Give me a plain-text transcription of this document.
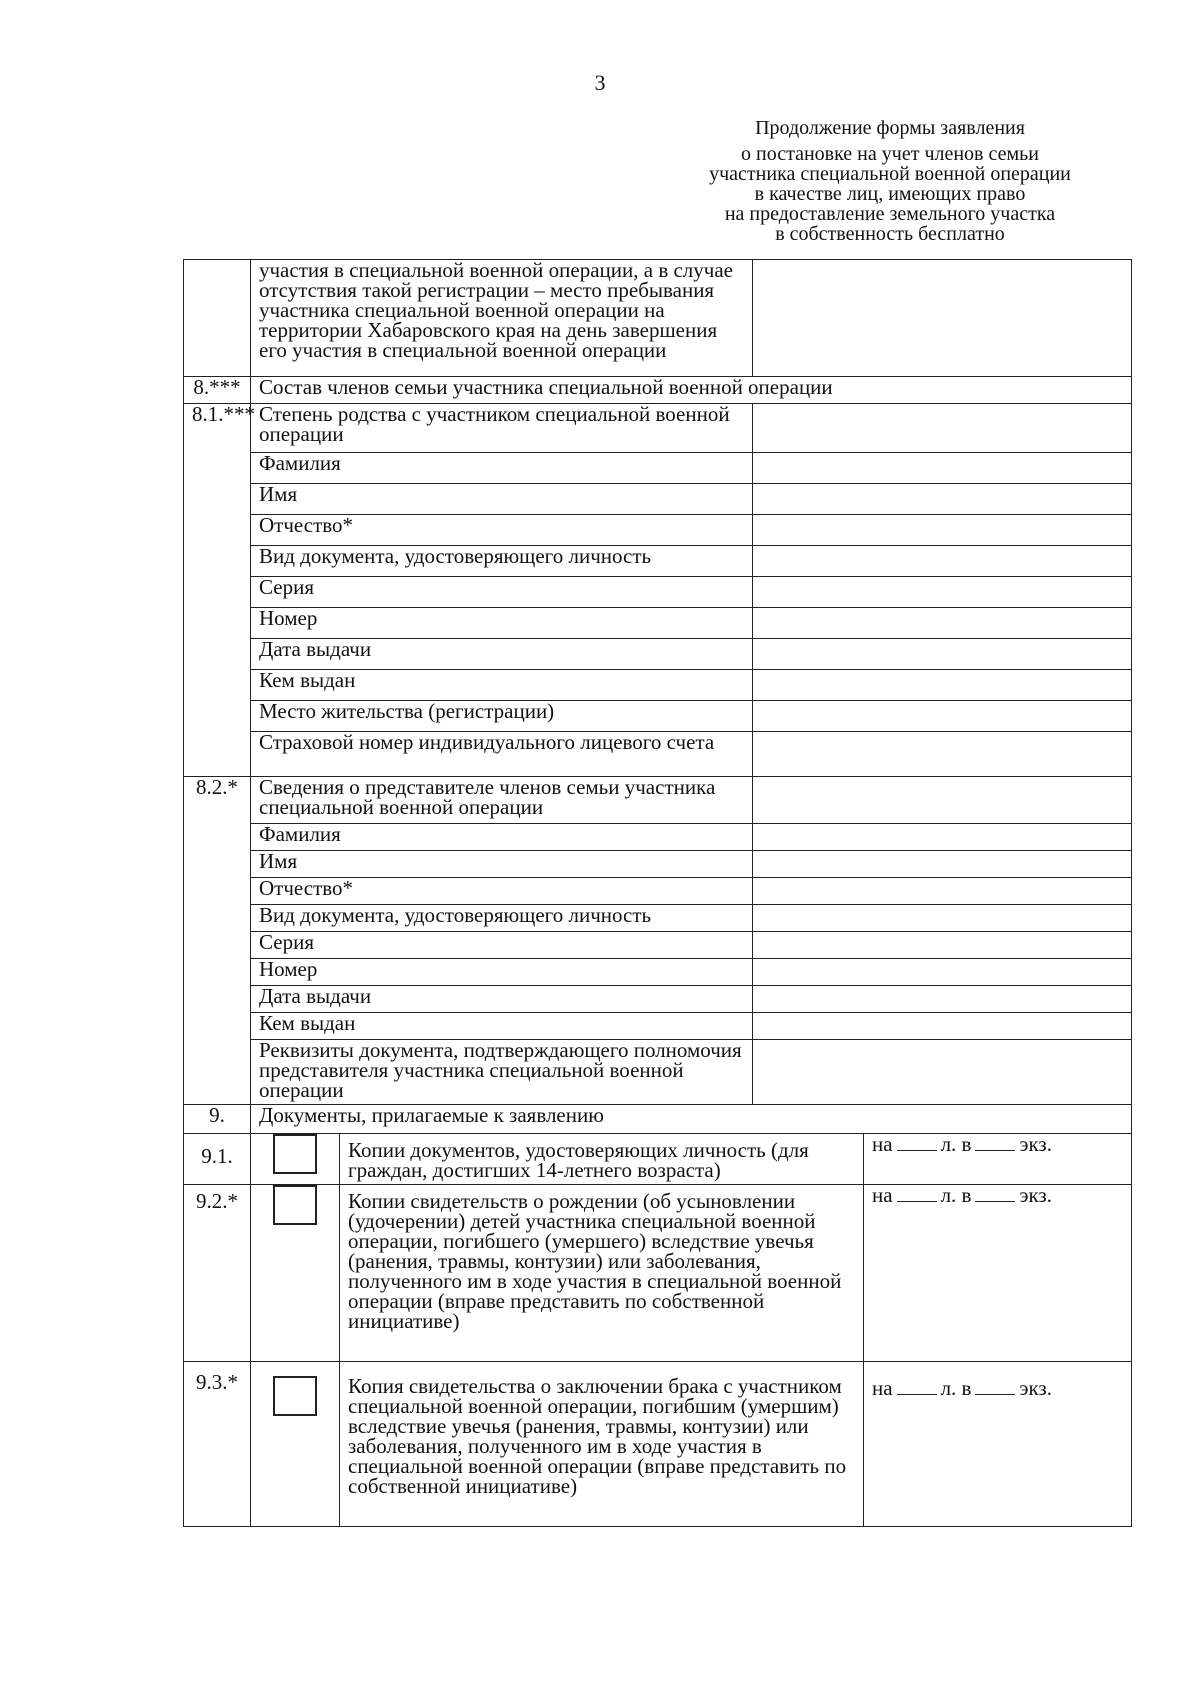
3
Продолжение формы заявления
о постановке на учет членов семьи
участника специальной военной операции
в качестве лиц, имеющих право
на предоставление земельного участка
в собственность бесплатно
	участия в специальной военной операции, а в случае отсутствия такой регистрации – место пребывания участника специальной военной операции на территории Хабаровского края на день завершения его участия в специальной военной операции			
8.***	Состав членов семьи участника специальной военной операции			
8.1.***	Степень родства с участником специальной военной операции			
	Фамилия			
	Имя			
	Отчество*			
	Вид документа, удостоверяющего личность			
	Серия			
	Номер			
	Дата выдачи			
	Кем выдан			
	Место жительства (регистрации)			
	Страховой номер индивидуального лицевого счета			
8.2.*	Сведения о представителе членов семьи участника специальной военной операции			
	Фамилия			
	Имя			
	Отчество*			
	Вид документа, удостоверяющего личность			
	Серия			
	Номер			
	Дата выдачи			
	Кем выдан			
	Реквизиты документа, подтверждающего полномочия представителя участника специальной военной операции			
9.	Документы, прилагаемые к заявлению			
9.1.		Копии документов, удостоверяющих личность (для граждан, достигших 14-летнего возраста)		на л. в экз.
9.2.*		Копии свидетельств о рождении (об усыновлении (удочерении) детей участника специальной военной операции, погибшего (умершего) вследствие увечья (ранения, травмы, контузии) или заболевания, полученного им в ходе участия в специальной военной операции (вправе представить по собственной инициативе)		на л. в экз.
9.3.*		Копия свидетельства о заключении брака с участником специальной военной операции, погибшим (умершим) вследствие увечья (ранения, травмы, контузии) или заболевания, полученного им в ходе участия в специальной военной операции (вправе представить по собственной инициативе)		на л. в экз.
